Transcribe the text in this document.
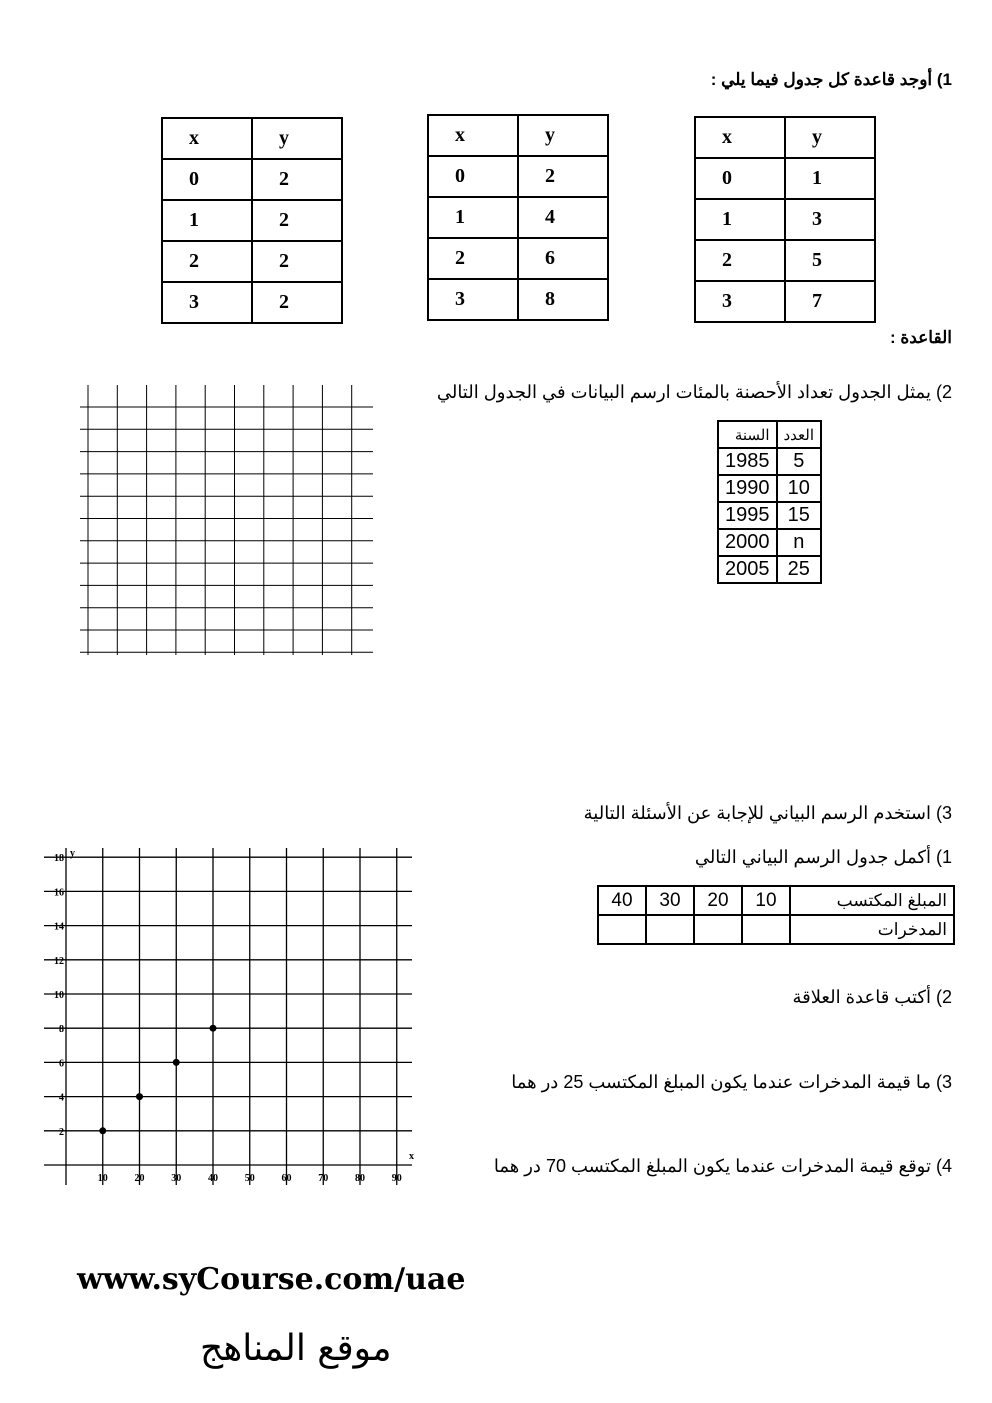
1) أوجد قاعدة كل جدول فيما يلي :
x	y
0	2
1	2
2	2
3	2
x	y
0	2
1	4
2	6
3	8
x	y
0	1
1	3
2	5
3	7
القاعدة :
2) يمثل الجدول تعداد الأحصنة بالمئات ارسم البيانات في الجدول التالي
السنة	العدد
1985	5
1990	10
1995	15
2000	n
2005	25
3) استخدم الرسم البياني للإجابة عن الأسئلة التالية
1) أكمل جدول الرسم البياني التالي
40	30	20	10	المبلغ المكتسب
				المدخرات
2) أكتب قاعدة العلاقة
3) ما قيمة المدخرات عندما يكون المبلغ المكتسب 25 در هما
4) توقع قيمة المدخرات عندما يكون المبلغ المكتسب 70 در هما
10	20	30	40	50	60	70	80	90
2
4
6
8
10
12
14
16
18 y
x
www.syCourse.com/uae
موقع المناهج
